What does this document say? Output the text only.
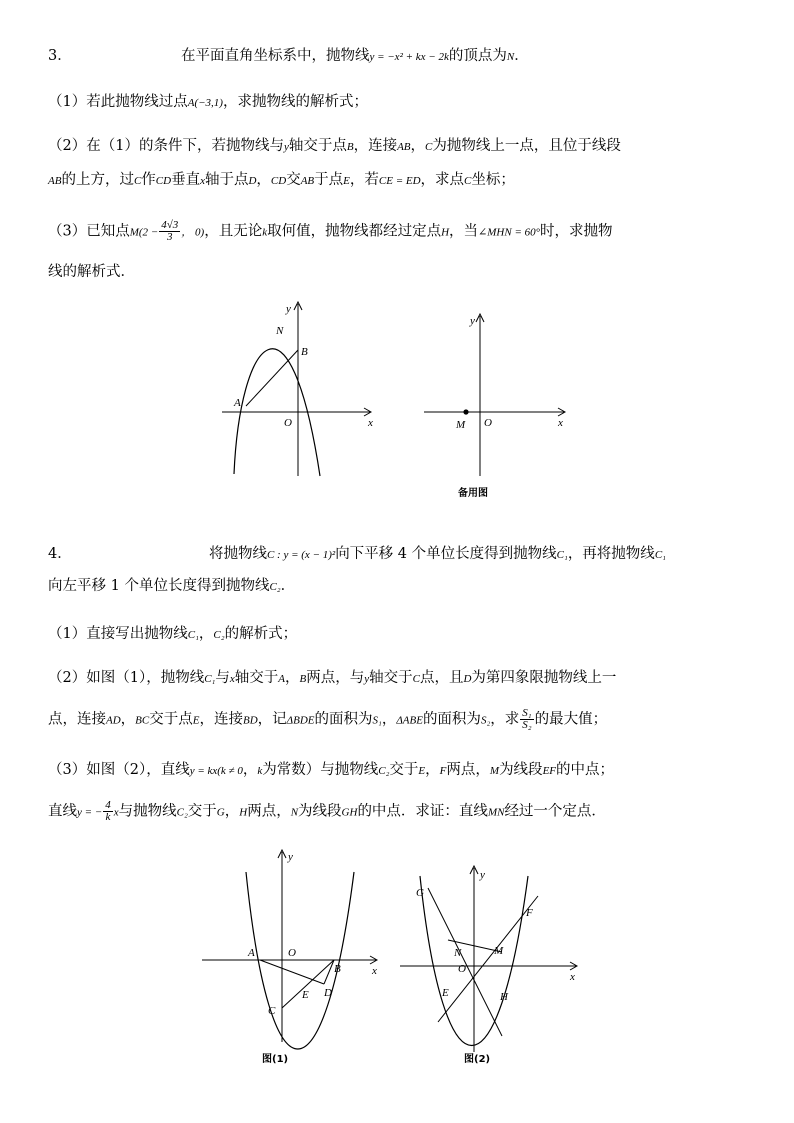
3．	在平面直角坐标系中，抛物线y = −x² + kx − 2k的顶点为N．
（1）若此抛物线过点A(−3,1)，求抛物线的解析式；
（2）在（1）的条件下，若抛物线与y轴交于点B，连接AB，C为抛物线上一点，且位于线段
AB的上方，过C作CD垂直x轴于点D，CD交AB于点E，若CE = ED，求点C坐标；
（3）已知点$M(2 - \frac{4√3}{3}$ ， 0)，且无论k取何值，抛物线都经过定点H，当∠MHN = 60°时，求抛物
线的解析式．
N
B
A
O
y
x	M O
y
x
备用图
4．	将抛物线C : y = (x − 1)²向下平移 4 个单位长度得到抛物线C₁，再将抛物线C₁
向左平移 1 个单位长度得到抛物线C₂．
（1）直接写出抛物线C₁，C₂的解析式；
（2）如图（1），抛物线C₁与x轴交于A，B两点，与y轴交于C点，且D为第四象限抛物线上一
点，连接AD，BC交于点E，连接BD，记ΔBDE的面积为S₁，ΔABE的面积为S₂，求 $\frac{\text{S₁}}{\text{S₂}}$ 的最大值；
（3）如图（2），直线y = kx(k ≠ 0，k为常数）与抛物线C₂交于E，F两点，M为线段EF的中点；
直线y = − $\frac{4}{k}$ x与抛物线C₂交于G，H两点，N为线段GH的中点．求证：直线MN经过一个定点．
A	O
B
E D
C
y
x
图(1)
G
F
N	M
O
E	H
y
x
图(2)
